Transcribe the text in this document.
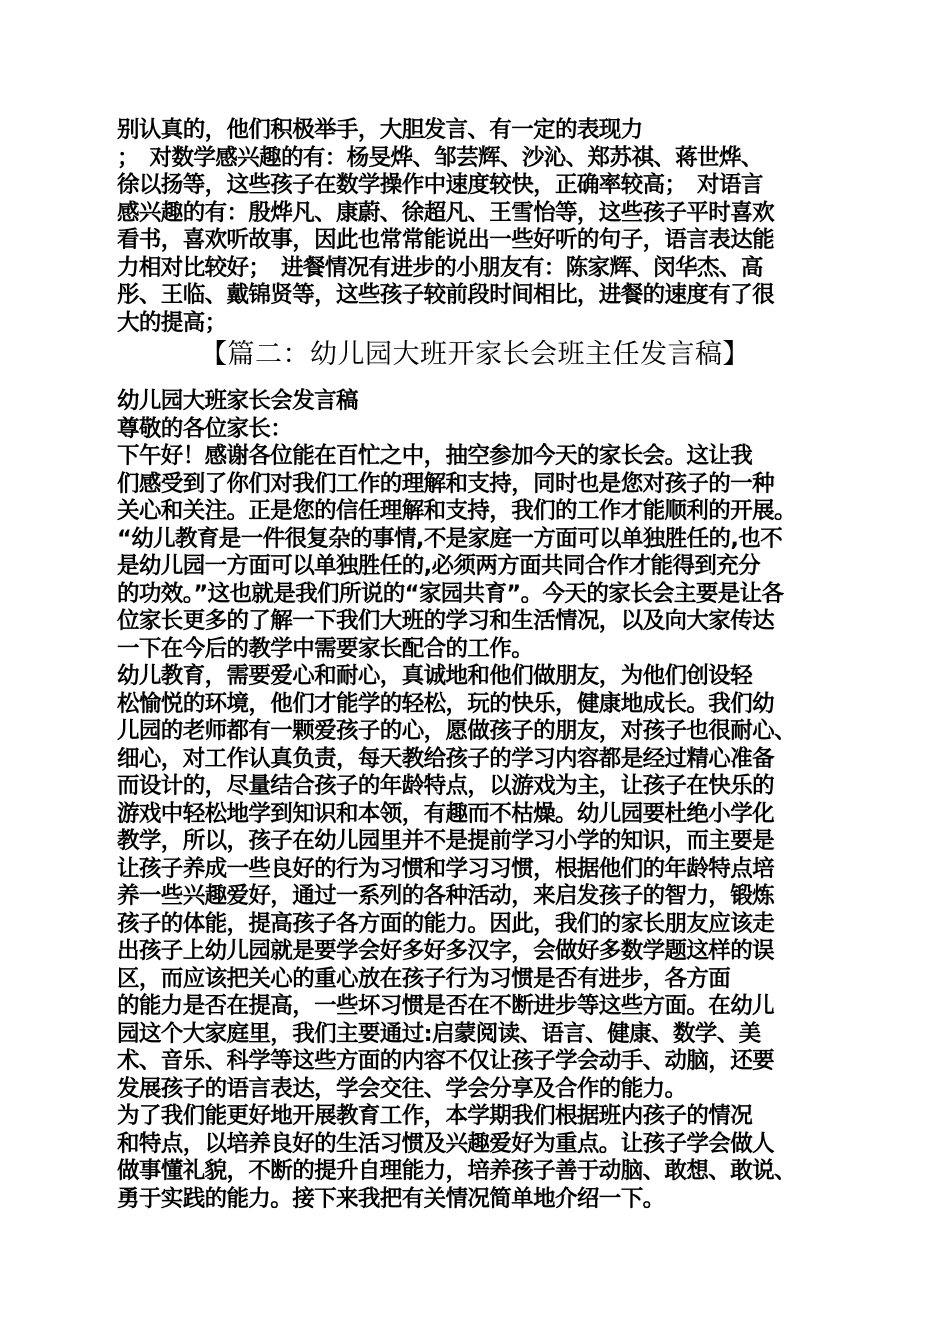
别认真的，他们积极举手，大胆发言、有一定的表现力
；　对数学感兴趣的有：杨旻烨、邹芸辉、沙沁、郑苏祺、蒋世烨、
徐以扬等，这些孩子在数学操作中速度较快，正确率较高；　对语言
感兴趣的有：殷烨凡、康蔚、徐超凡、王雪怡等，这些孩子平时喜欢
看书，喜欢听故事，因此也常常能说出一些好听的句子，语言表达能
力相对比较好；　进餐情况有进步的小朋友有：陈家辉、闵华杰、高
彤、王临、戴锦贤等，这些孩子较前段时间相比，进餐的速度有了很
大的提高；
【篇二：幼儿园大班开家长会班主任发言稿】
幼儿园大班家长会发言稿
尊敬的各位家长：
下午好！感谢各位能在百忙之中，抽空参加今天的家长会。这让我
们感受到了你们对我们工作的理解和支持，同时也是您对孩子的一种
关心和关注。正是您的信任理解和支持，我们的工作才能顺利的开展。
“幼儿教育是一件很复杂的事情,不是家庭一方面可以单独胜任的,也不
是幼儿园一方面可以单独胜任的,必须两方面共同合作才能得到充分
的功效。”这也就是我们所说的“家园共育”。今天的家长会主要是让各
位家长更多的了解一下我们大班的学习和生活情况，以及向大家传达
一下在今后的教学中需要家长配合的工作。
幼儿教育，需要爱心和耐心，真诚地和他们做朋友，为他们创设轻
松愉悦的环境，他们才能学的轻松，玩的快乐，健康地成长。我们幼
儿园的老师都有一颗爱孩子的心，愿做孩子的朋友，对孩子也很耐心、
细心，对工作认真负责，每天教给孩子的学习内容都是经过精心准备
而设计的，尽量结合孩子的年龄特点，以游戏为主，让孩子在快乐的
游戏中轻松地学到知识和本领，有趣而不枯燥。幼儿园要杜绝小学化
教学，所以，孩子在幼儿园里并不是提前学习小学的知识，而主要是
让孩子养成一些良好的行为习惯和学习习惯，根据他们的年龄特点培
养一些兴趣爱好，通过一系列的各种活动，来启发孩子的智力，锻炼
孩子的体能，提高孩子各方面的能力。因此，我们的家长朋友应该走
出孩子上幼儿园就是要学会好多好多汉字，会做好多数学题这样的误
区，而应该把关心的重心放在孩子行为习惯是否有进步，各方面
的能力是否在提高，一些坏习惯是否在不断进步等这些方面。在幼儿
园这个大家庭里，我们主要通过:启蒙阅读、语言、健康、数学、美
术、音乐、科学等这些方面的内容不仅让孩子学会动手、动脑，还要
发展孩子的语言表达，学会交往、学会分享及合作的能力。
为了我们能更好地开展教育工作，本学期我们根据班内孩子的情况
和特点，以培养良好的生活习惯及兴趣爱好为重点。让孩子学会做人
做事懂礼貌，不断的提升自理能力，培养孩子善于动脑、敢想、敢说、
勇于实践的能力。接下来我把有关情况简单地介绍一下。
